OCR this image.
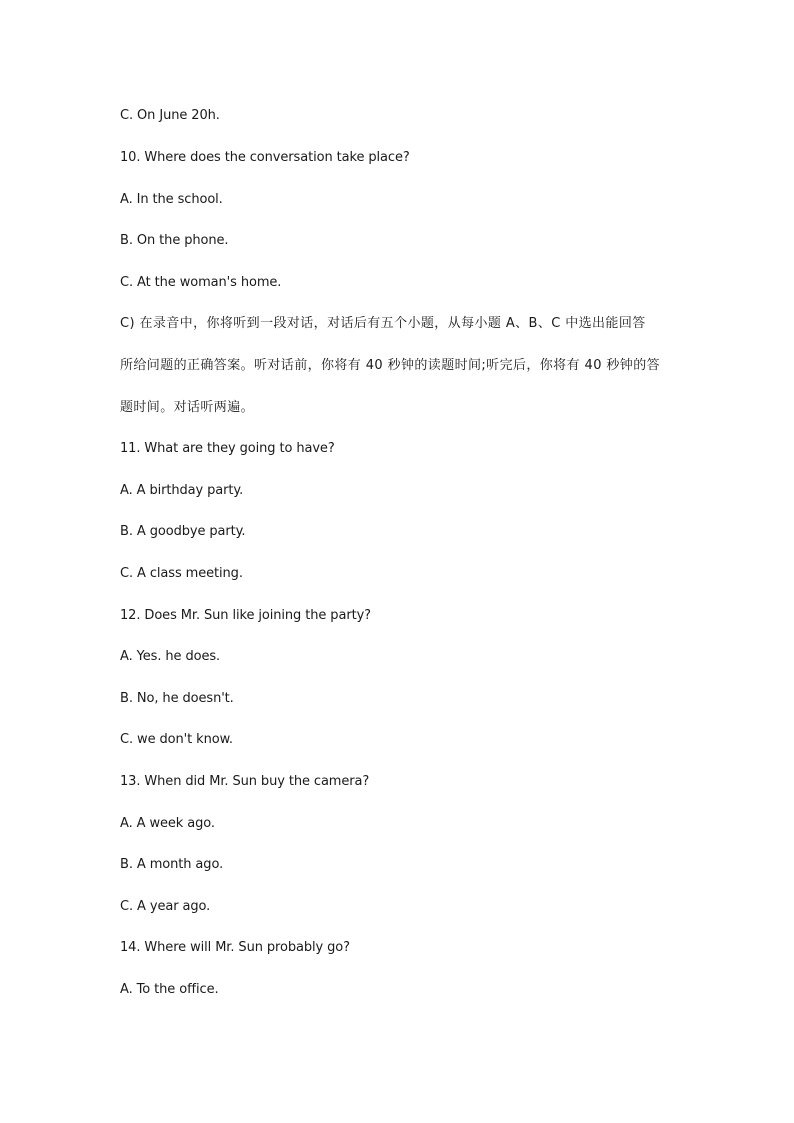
C. On June 20h.
10. Where does the conversation take place?
A. In the school.
B. On the phone.
C. At the woman's home.
C) 在录音中，你将听到一段对话，对话后有五个小题，从每小题 A、B、C 中选出能回答
所给问题的正确答案。听对话前，你将有 40 秒钟的读题时间;听完后，你将有 40 秒钟的答
题时间。对话听两遍。
11. What are they going to have?
A. A birthday party.
B. A goodbye party.
C. A class meeting.
12. Does Mr. Sun like joining the party?
A. Yes. he does.
B. No, he doesn't.
C. we don't know.
13. When did Mr. Sun buy the camera?
A. A week ago.
B. A month ago.
C. A year ago.
14. Where will Mr. Sun probably go?
A. To the office.
